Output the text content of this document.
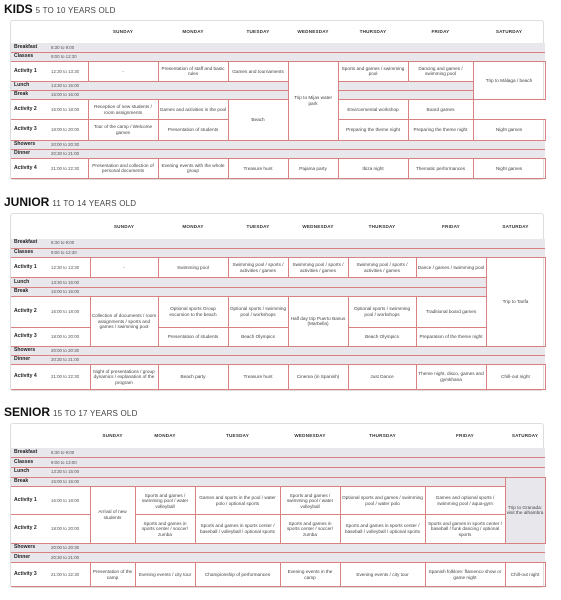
KIDS 5 TO 10 YEARS OLD
		SUNDAY	MONDAY	TUESDAY	WEDNESDAY	THURSDAY	FRIDAY	SATURDAY
Breakfast	8:30 to 9:00							
Classes	9:00 to 12:30							
Activity 1	12:30 to 13:30	-	Presentation of staff and basic rules	Games and tournaments	Trip to Mijas water park	Sports and games / swimming pool	Dancing and games / swimming pool	Trip to Málaga / beach
Lunch	13:30 to 15:00							
Break	15:00 to 16:00							
Activity 2	16:00 to 18:00	Reception of new students / room assignments	Games and activities in the pool	Beach		Environmental workshop	Board games	
Activity 3	18:00 to 20:00	Tour of the camp / Welcome games	Presentation of students			Preparing the theme night	Preparing the theme night	Night games
Showers	20:00 to 20:30							
Dinner	20:30 to 21:00							
Activity 4	21:00 to 22:30	Presentation and collection of personal documents	Evening events with the whole group	Treasure hunt	Pajama party	Ibiza night	Thematic performances	Night games
JUNIOR 11 TO 14 YEARS OLD
		SUNDAY	MONDAY	TUESDAY	WEDNESDAY	THURSDAY	FRIDAY	SATURDAY
Breakfast	8:30 to 9:00							
Classes	9:00 to 12:30							
Activity 1	12:30 to 13:30	-	Swimming pool	Swimming pool / sports / activities / games	Swimming pool / sports / activities / games	Swimming pool / sports / activities / games	Dance / games / swimming pool	Trip to Tarifa
Lunch	13:30 to 15:00							
Break	15:00 to 16:00							
Activity 2	16:00 to 18:00	Collection of documents / room assignments / sports and games / swimming pool	Optional sports Group excursion to the beach	Optional sports / swimming pool / workshops	Half day trip Puerto Banus (Marbella)	Optional sports / swimming pool / workshops	Traditional board games	
Activity 3	18:00 to 20:00		Presentation of students	Beach Olympics		Beach Olympics	Preparation of the theme night	
Showers	20:00 to 20:30							
Dinner	20:30 to 21:00							
Activity 4	21:00 to 22:30	Night of presentations / group dynamics / explanation of the program	Beach party	Treasure hunt	Cinema (in Spanish)	Just Dance	Theme night, disco, games and gymkhana	Chill-out night
SENIOR 15 TO 17 YEARS OLD
		SUNDAY	MONDAY	TUESDAY	WEDNESDAY	THURSDAY	FRIDAY	SATURDAY
Breakfast	8:30 to 9:00							
Classes	9:00 to 13:00							
Lunch	13:30 to 15:00							
Break	15:00 to 16:00							Trip to Granada: visit the alhambra
Activity 1	16:00 to 18:00	Arrival of new students	Sports and games / swimming pool / water volleyball	Games and sports in the pool / water polo / optional sports	Sports and games / swimming pool / water volleyball	Optional sports and games / swimming pool / water polo	Games and optional sports / swimming pool / aqua-gym	
Activity 2	18:00 to 20:00		Sports and games in sports center / soccer/ zumba	Sports and games in sports center / baseball / volleyball / optional sports	Sports and games in sports center / soccer/ zumba	Sports and games in sports center / baseball / volleyball / optional sports	Sports and games in sports center / baseball / funk dancing / optional sports	
Showers	20:00 to 20:30							
Dinner	20:30 to 21:00							
Activity 3	21:00 to 22:30	Presentation of the camp	Evening events / city tour	Championship of performances	Evening events in the camp	Evening events / city tour	Spanish folklore: flamenco show or game night	Chill-out night
